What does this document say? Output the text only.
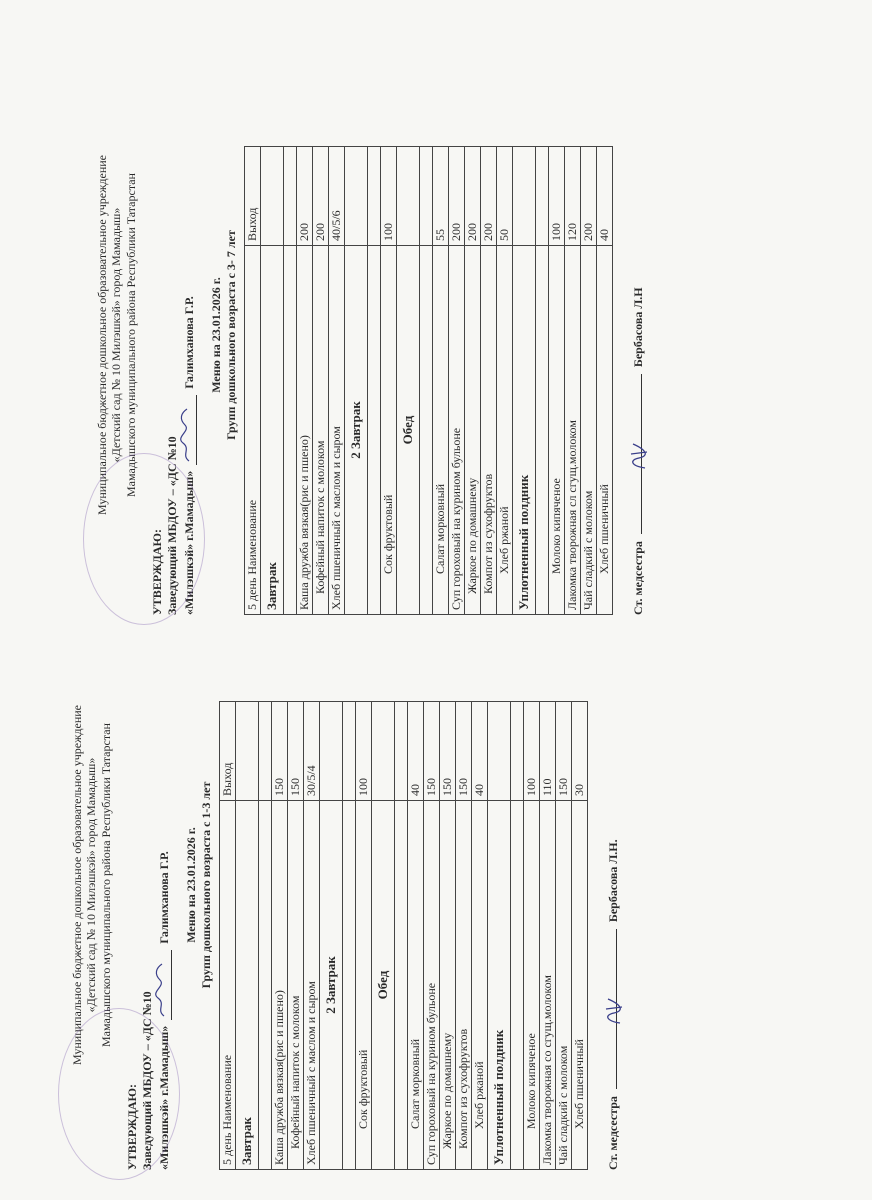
Муниципальное бюджетное дошкольное образовательное учреждение «Детский сад № 10 Милэшкэй» город Мамадыш» Мамадышского муниципального района Республики Татарстан
УТВЕРЖДАЮ: Заведующий МБДОУ – «ДС №10 «Милэшкэй» г.Мамадыш»  Галимханова Г.Р. Меню на 23.01.2026 г. Групп дошкольного возраста с 1-3 лет
5 день Наименование	Выход
Завтрак	

Каша дружба вязкая(рис и пшено)	150
Кофейный напиток с молоком	150
Хлеб пшеничный с маслом и сыром	30/5/4
2 Завтрак	

Сок фруктовый	100
Обед	

Салат морковный	40
Суп гороховый на курином бульоне	150
Жаркое по домашнему	150
Компот из сухофруктов	150
Хлеб ржаной	40
Уплотненный полдник	

Молоко кипяченое	100
Лакомка творожная со сгущ.молоком	110
Чай сладкий с молоком	150
Хлеб пшеничный	30
Ст. медсестра
Бербасова Л.Н.
Муниципальное бюджетное дошкольное образовательное учреждение «Детский сад № 10 Милэшкэй» город Мамадыш» Мамадышского муниципального района Республики Татарстан
УТВЕРЖДАЮ: Заведующий МБДОУ – «ДС №10 «Милэшкэй» г.Мамадыш»  Галимханова Г.Р. Меню на 23.01.2026 г. Групп дошкольного возраста с 3- 7 лет
5 день Наименование	Выход
Завтрак	

Каша дружба вязкая(рис и пшено)	200
Кофейный напиток с молоком	200
Хлеб пшеничный с маслом и сыром	40/5/6
2 Завтрак	

Сок фруктовый	100
Обед	

Салат морковный	55
Суп гороховый на курином бульоне	200
Жаркое по домашнему	200
Компот из сухофруктов	200
Хлеб ржаной	50
Уплотненный полдник	

Молоко кипяченое	100
Лакомка творожная сл сгущ.молоком	120
Чай сладкий с молоком	200
Хлеб пшеничный	40
Ст. медсестра
Бербасова Л.Н
